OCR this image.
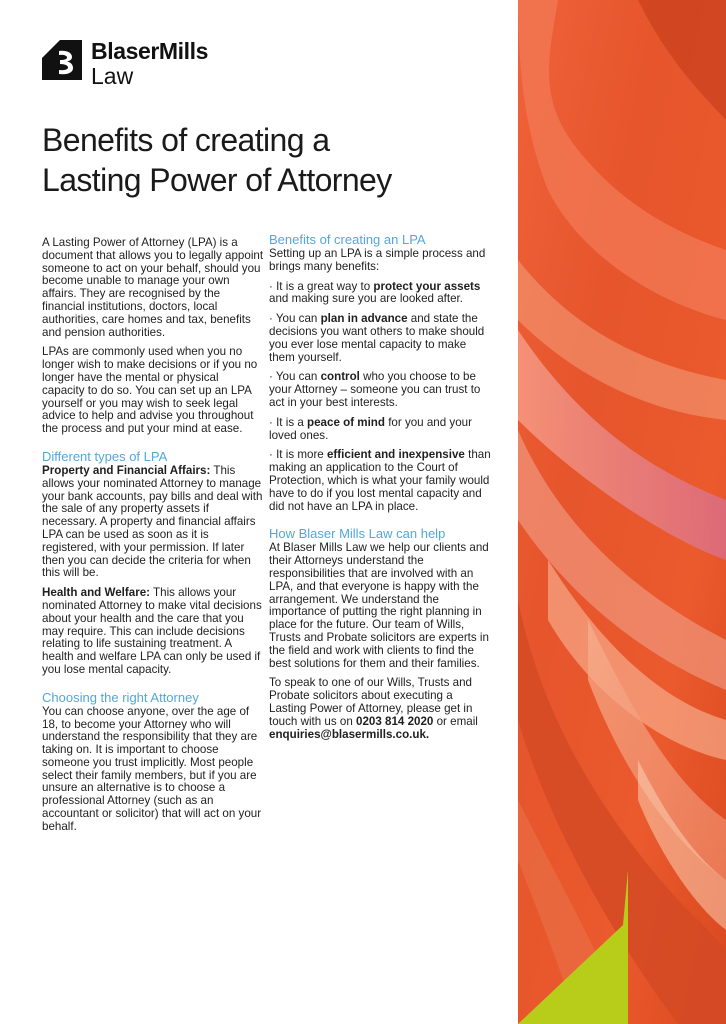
BlaserMills
Law
Benefits of creating a
Lasting Power of Attorney

A Lasting Power of Attorney (LPA) is a document that allows you to legally appoint someone to act on your behalf, should you become unable to manage your own affairs. They are recognised by the financial institutions, doctors, local authorities, care homes and tax, benefits and pension authorities.

LPAs are commonly used when you no longer wish to make decisions or if you no longer have the mental or physical capacity to do so. You can set up an LPA yourself or you may wish to seek legal advice to help and advise you throughout the process and put your mind at ease.

Different types of LPA

Property and Financial Affairs: This allows your nominated Attorney to manage your bank accounts, pay bills and deal with the sale of any property assets if necessary. A property and financial affairs LPA can be used as soon as it is registered, with your permission. If later then you can decide the criteria for when this will be.

Health and Welfare: This allows your nominated Attorney to make vital decisions about your health and the care that you may require. This can include decisions relating to life sustaining treatment. A health and welfare LPA can only be used if you lose mental capacity.

Choosing the right Attorney

You can choose anyone, over the age of 18, to become your Attorney who will understand the responsibility that they are taking on. It is important to choose someone you trust implicitly. Most people select their family members, but if you are unsure an alternative is to choose a professional Attorney (such as an accountant or solicitor) that will act on your behalf.

Benefits of creating an LPA

Setting up an LPA is a simple process and brings many benefits:

· It is a great way to protect your assets and making sure you are looked after.

· You can plan in advance and state the decisions you want others to make should you ever lose mental capacity to make them yourself.

· You can control who you choose to be your Attorney – someone you can trust to act in your best interests.

· It is a peace of mind for you and your loved ones.

· It is more efficient and inexpensive than making an application to the Court of Protection, which is what your family would have to do if you lost mental capacity and did not have an LPA in place.

How Blaser Mills Law can help

At Blaser Mills Law we help our clients and their Attorneys understand the responsibilities that are involved with an LPA, and that everyone is happy with the arrangement. We understand the importance of putting the right planning in place for the future. Our team of Wills, Trusts and Probate solicitors are experts in the field and work with clients to find the best solutions for them and their families.

To speak to one of our Wills, Trusts and Probate solicitors about executing a Lasting Power of Attorney, please get in touch with us on 0203 814 2020 or email enquiries@blasermills.co.uk.
